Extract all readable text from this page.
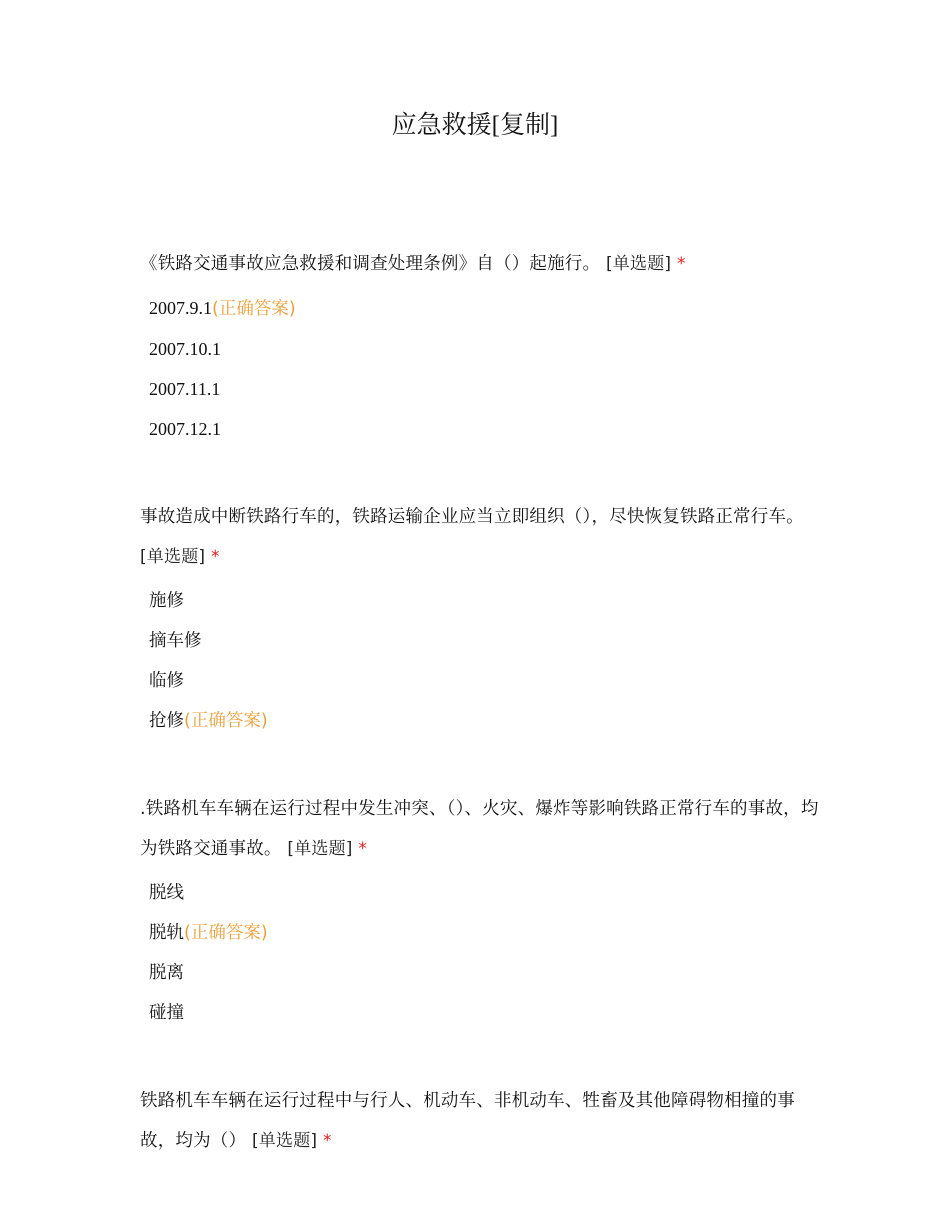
应急救援[复制]
《铁路交通事故应急救援和调查处理条例》自（）起施行。 [单选题] *
2007.9.1(正确答案)
2007.10.1
2007.11.1
2007.12.1
事故造成中断铁路行车的，铁路运输企业应当立即组织（），尽快恢复铁路正常行车。 [单选题] *
施修
摘车修
临修
抢修(正确答案)
.铁路机车车辆在运行过程中发生冲突、（）、火灾、爆炸等影响铁路正常行车的事故，均为铁路交通事故。 [单选题] *
脱线
脱轨(正确答案)
脱离
碰撞
铁路机车车辆在运行过程中与行人、机动车、非机动车、牲畜及其他障碍物相撞的事故，均为（） [单选题] *
